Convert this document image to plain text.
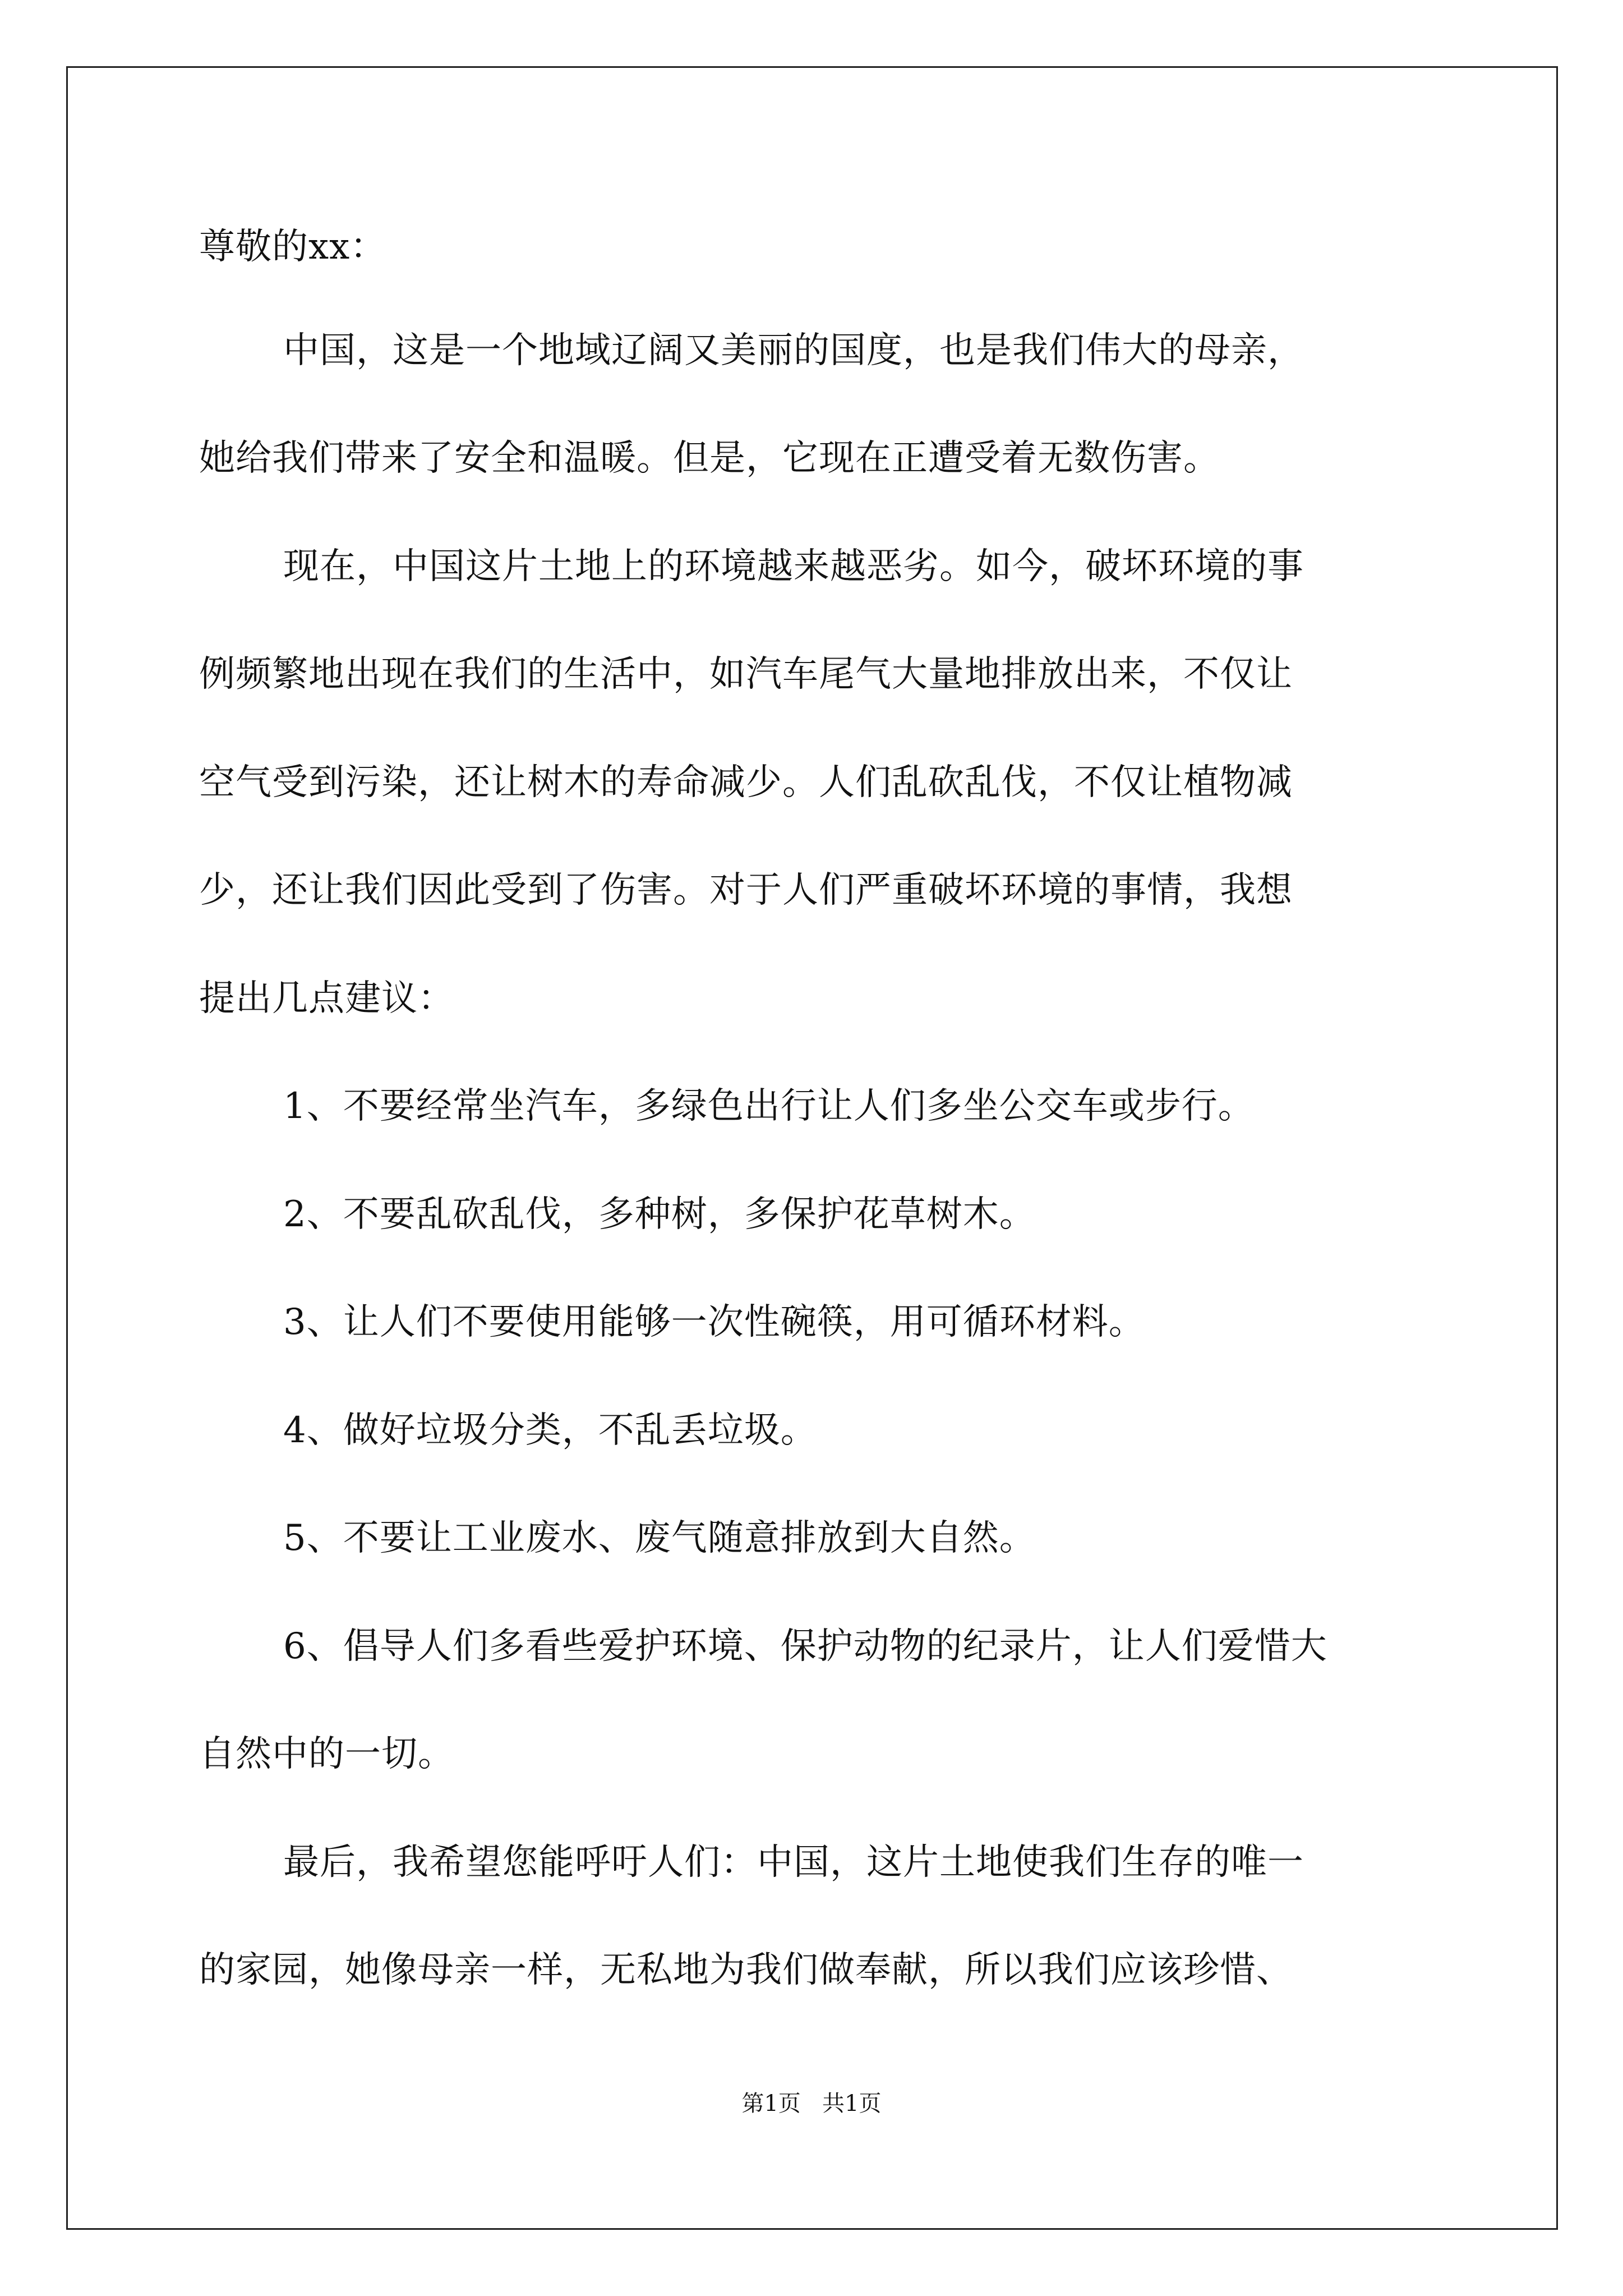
尊敬的xx：
中国，这是一个地域辽阔又美丽的国度，也是我们伟大的母亲，
她给我们带来了安全和温暖。但是，它现在正遭受着无数伤害。
现在，中国这片土地上的环境越来越恶劣。如今，破坏环境的事
例频繁地出现在我们的生活中，如汽车尾气大量地排放出来，不仅让
空气受到污染，还让树木的寿命减少。人们乱砍乱伐，不仅让植物减
少，还让我们因此受到了伤害。对于人们严重破坏环境的事情，我想
提出几点建议：
1、不要经常坐汽车，多绿色出行让人们多坐公交车或步行。
2、不要乱砍乱伐，多种树，多保护花草树木。
3、让人们不要使用能够一次性碗筷，用可循环材料。
4、做好垃圾分类，不乱丢垃圾。
5、不要让工业废水、废气随意排放到大自然。
6、倡导人们多看些爱护环境、保护动物的纪录片，让人们爱惜大
自然中的一切。
最后，我希望您能呼吁人们：中国，这片土地使我们生存的唯一
的家园，她像母亲一样，无私地为我们做奉献，所以我们应该珍惜、
第1页   共1页
